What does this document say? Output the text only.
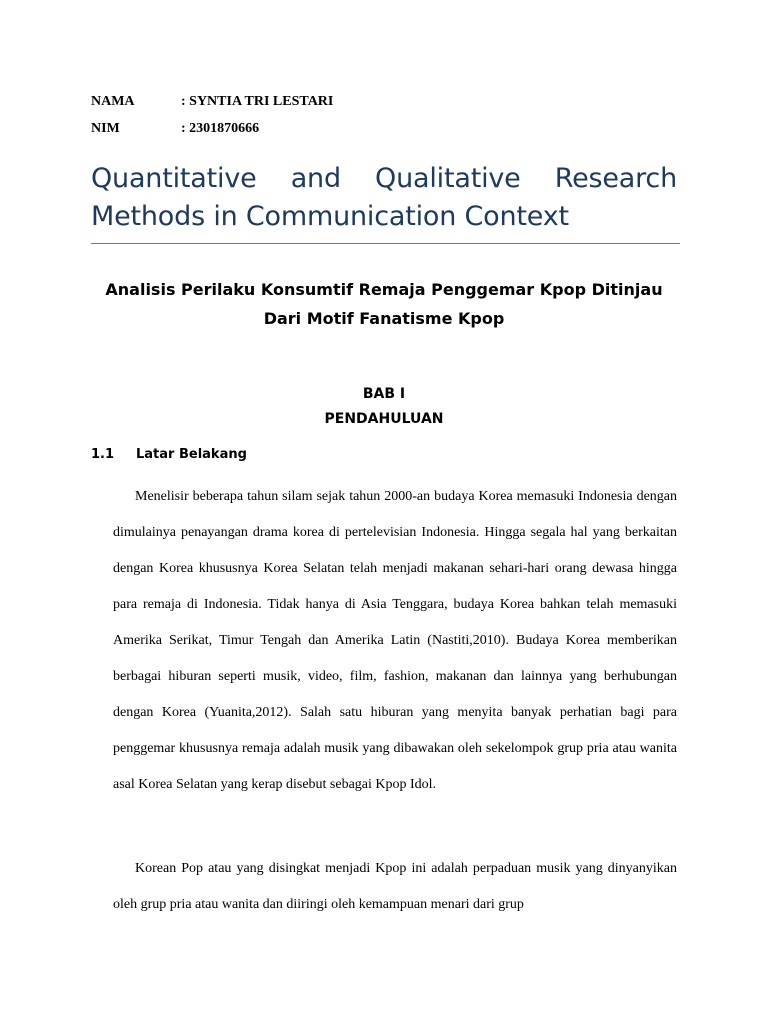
NAMA	: SYNTIA TRI LESTARI
NIM	: 2301870666
Quantitative and Qualitative Research Methods in Communication Context
Analisis Perilaku Konsumtif Remaja Penggemar Kpop Ditinjau Dari Motif Fanatisme Kpop
BAB I
PENDAHULUAN
1.1 Latar Belakang

Menelisir beberapa tahun silam sejak tahun 2000-an budaya Korea memasuki Indonesia dengan dimulainya penayangan drama korea di pertelevisian Indonesia. Hingga segala hal yang berkaitan dengan Korea khususnya Korea Selatan telah menjadi makanan sehari-hari orang dewasa hingga para remaja di Indonesia. Tidak hanya di Asia Tenggara, budaya Korea bahkan telah memasuki Amerika Serikat, Timur Tengah dan Amerika Latin (Nastiti,2010). Budaya Korea memberikan berbagai hiburan seperti musik, video, film, fashion, makanan dan lainnya yang berhubungan dengan Korea (Yuanita,2012). Salah satu hiburan yang menyita banyak perhatian bagi para penggemar khususnya remaja adalah musik yang dibawakan oleh sekelompok grup pria atau wanita asal Korea Selatan yang kerap disebut sebagai Kpop Idol.

Korean Pop atau yang disingkat menjadi Kpop ini adalah perpaduan musik yang dinyanyikan oleh grup pria atau wanita dan diiringi oleh kemampuan menari dari grup
